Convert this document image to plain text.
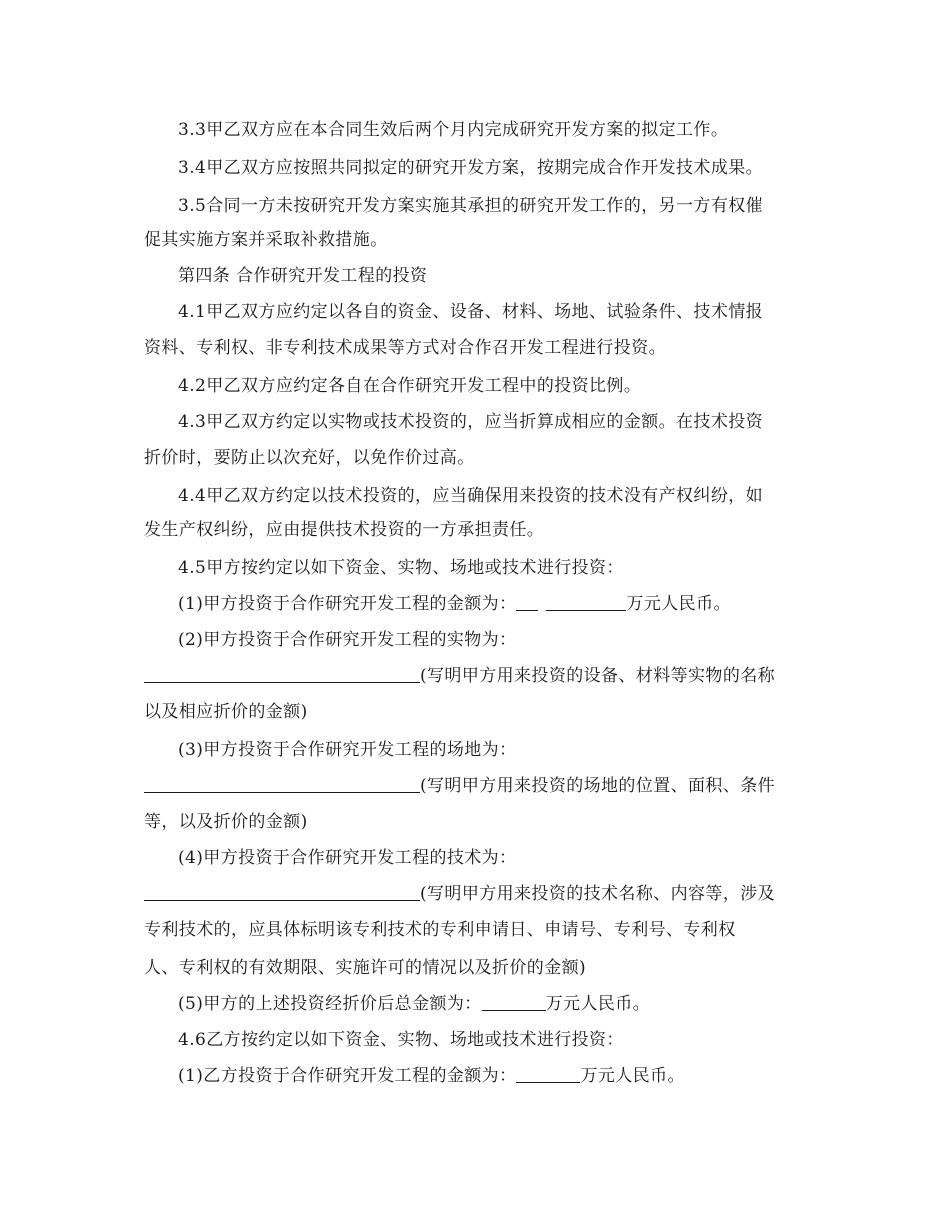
3.3甲乙双方应在本合同生效后两个月内完成研究开发方案的拟定工作。
3.4甲乙双方应按照共同拟定的研究开发方案，按期完成合作开发技术成果。
3.5合同一方未按研究开发方案实施其承担的研究开发工作的，另一方有权催
促其实施方案并采取补救措施。
第四条 合作研究开发工程的投资
4.1甲乙双方应约定以各自的资金、设备、材料、场地、试验条件、技术情报
资料、专利权、非专利技术成果等方式对合作召开发工程进行投资。
4.2甲乙双方应约定各自在合作研究开发工程中的投资比例。
4.3甲乙双方约定以实物或技术投资的，应当折算成相应的金额。在技术投资
折价时，要防止以次充好，以免作价过高。
4.4甲乙双方约定以技术投资的，应当确保用来投资的技术没有产权纠纷，如
发生产权纠纷，应由提供技术投资的一方承担责任。
4.5甲方按约定以如下资金、实物、场地或技术进行投资：
(1)甲方投资于合作研究开发工程的金额为：	万元人民币。
(2)甲方投资于合作研究开发工程的实物为：
(写明甲方用来投资的设备、材料等实物的名称
以及相应折价的金额)
(3)甲方投资于合作研究开发工程的场地为：
(写明甲方用来投资的场地的位置、面积、条件
等，以及折价的金额)
(4)甲方投资于合作研究开发工程的技术为：
(写明甲方用来投资的技术名称、内容等，涉及
专利技术的，应具体标明该专利技术的专利申请日、申请号、专利号、专利权
人、专利权的有效期限、实施许可的情况以及折价的金额)
(5)甲方的上述投资经折价后总金额为：	万元人民币。
4.6乙方按约定以如下资金、实物、场地或技术进行投资：
(1)乙方投资于合作研究开发工程的金额为：	万元人民币。
